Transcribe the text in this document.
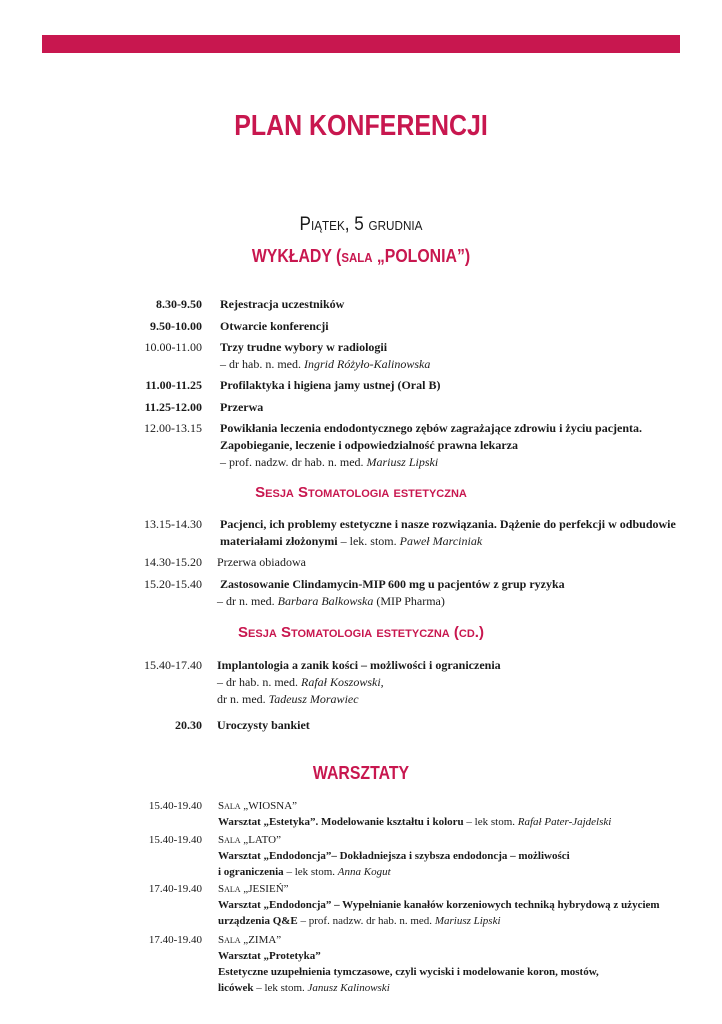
PLAN KONFERENCJI
Piątek, 5 grudnia
WYKŁADY (sala „POLONIA”)
8.30-9.50 Rejestracja uczestników
9.50-10.00 Otwarcie konferencji
10.00-11.00 Trzy trudne wybory w radiologii
– dr hab. n. med. Ingrid Różyło-Kalinowska
11.00-11.25 Profilaktyka i higiena jamy ustnej (Oral B)
11.25-12.00 Przerwa
12.00-13.15 Powikłania leczenia endodontycznego zębów zagrażające zdrowiu i życiu pacjenta.
Zapobieganie, leczenie i odpowiedzialność prawna lekarza
– prof. nadzw. dr hab. n. med. Mariusz Lipski
Sesja Stomatologia estetyczna
13.15-14.30 Pacjenci, ich problemy estetyczne i nasze rozwiązania. Dążenie do perfekcji w odbudowie
materiałami złożonymi – lek. stom. Paweł Marciniak
14.30-15.20 Przerwa obiadowa
15.20-15.40 Zastosowanie Clindamycin-MIP 600 mg u pacjentów z grup ryzyka
– dr n. med. Barbara Balkowska (MIP Pharma)
Sesja Stomatologia estetyczna (cd.)
15.40-17.40 Implantologia a zanik kości – możliwości i ograniczenia
– dr hab. n. med. Rafał Koszowski,
dr n. med. Tadeusz Morawiec
20.30 Uroczysty bankiet
WARSZTATY
15.40-19.40 Sala „WIOSNA”
Warsztat „Estetyka”. Modelowanie kształtu i koloru – lek stom. Rafał Pater-Jajdelski
15.40-19.40 Sala „LATO”
Warsztat „Endodoncja”– Dokładniejsza i szybsza endodoncja – możliwości
i ograniczenia – lek stom. Anna Kogut
17.40-19.40 Sala „JESIEŃ”
Warsztat „Endodoncja” – Wypełnianie kanałów korzeniowych techniką hybrydową z użyciem
urządzenia Q&E – prof. nadzw. dr hab. n. med. Mariusz Lipski
17.40-19.40 Sala „ZIMA”
Warsztat „Protetyka”
Estetyczne uzupełnienia tymczasowe, czyli wyciski i modelowanie koron, mostów,
licówek – lek stom. Janusz Kalinowski
